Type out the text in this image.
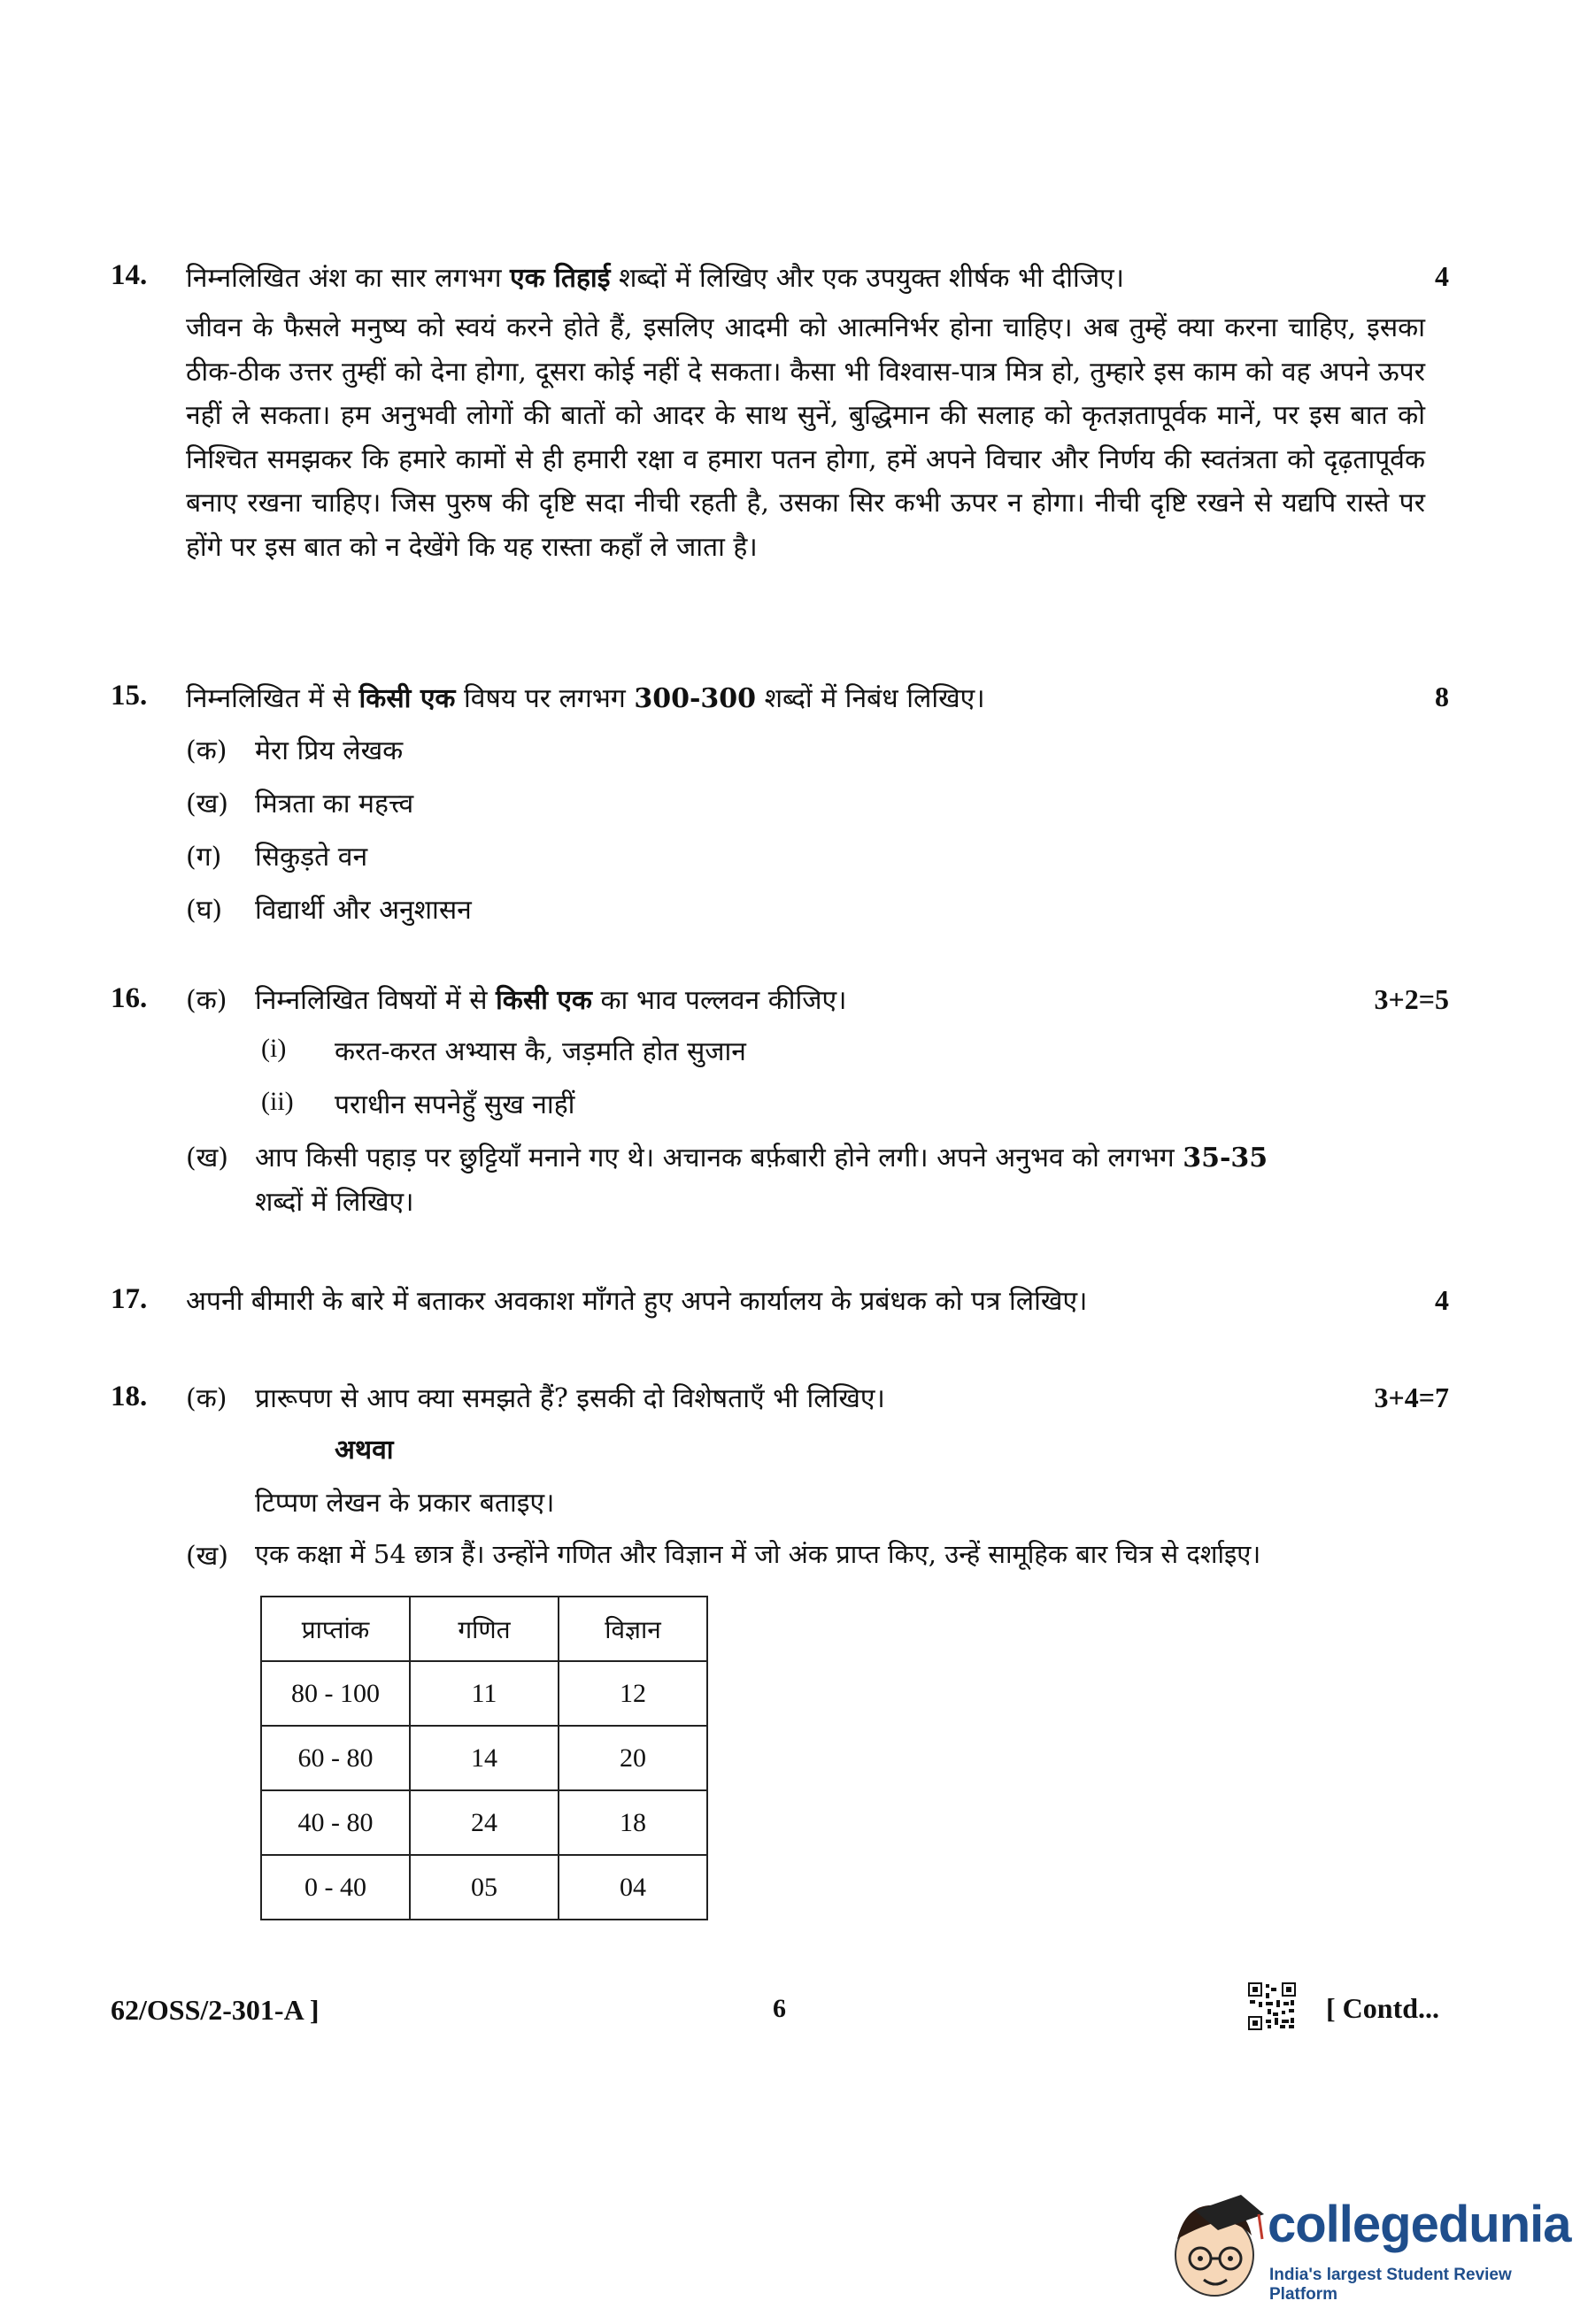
14. निम्नलिखित अंश का सार लगभग एक तिहाई शब्दों में लिखिए और एक उपयुक्त शीर्षक भी दीजिए।	4
जीवन के फैसले मनुष्य को स्वयं करने होते हैं, इसलिए आदमी को आत्मनिर्भर होना चाहिए। अब तुम्हें क्या करना चाहिए, इसका ठीक-ठीक उत्तर तुम्हीं को देना होगा, दूसरा कोई नहीं दे सकता। कैसा भी विश्वास-पात्र मित्र हो, तुम्हारे इस काम को वह अपने ऊपर नहीं ले सकता। हम अनुभवी लोगों की बातों को आदर के साथ सुनें, बुद्धिमान की सलाह को कृतज्ञतापूर्वक मानें, पर इस बात को निश्चित समझकर कि हमारे कामों से ही हमारी रक्षा व हमारा पतन होगा, हमें अपने विचार और निर्णय की स्वतंत्रता को दृढ़तापूर्वक बनाए रखना चाहिए। जिस पुरुष की दृष्टि सदा नीची रहती है, उसका सिर कभी ऊपर न होगा। नीची दृष्टि रखने से यद्यपि रास्ते पर होंगे पर इस बात को न देखेंगे कि यह रास्ता कहाँ ले जाता है।
15. निम्नलिखित में से किसी एक विषय पर लगभग 300-300 शब्दों में निबंध लिखिए।	8
(क) मेरा प्रिय लेखक
(ख) मित्रता का महत्त्व
(ग) सिकुड़ते वन
(घ) विद्यार्थी और अनुशासन
16. (क) निम्नलिखित विषयों में से किसी एक का भाव पल्लवन कीजिए।	3+2=5
(i) करत-करत अभ्यास कै, जड़मति होत सुजान
(ii) पराधीन सपनेहुँ सुख नाहीं
(ख) आप किसी पहाड़ पर छुट्टियाँ मनाने गए थे। अचानक बर्फ़बारी होने लगी। अपने अनुभव को लगभग 35-35
शब्दों में लिखिए।
17. अपनी बीमारी के बारे में बताकर अवकाश माँगते हुए अपने कार्यालय के प्रबंधक को पत्र लिखिए।	4
18. (क) प्रारूपण से आप क्या समझते हैं? इसकी दो विशेषताएँ भी लिखिए।	3+4=7
अथवा
टिप्पण लेखन के प्रकार बताइए।
(ख) एक कक्षा में 54 छात्र हैं। उन्होंने गणित और विज्ञान में जो अंक प्राप्त किए, उन्हें सामूहिक बार चित्र से दर्शाइए।
प्राप्तांक	गणित	विज्ञान
80 - 100	11	12
60 - 80	14	20
40 - 80	24	18
0 - 40	05	04
62/OSS/2-301-A ]	6	[ Contd...
collegedunia
India's largest Student Review Platform
